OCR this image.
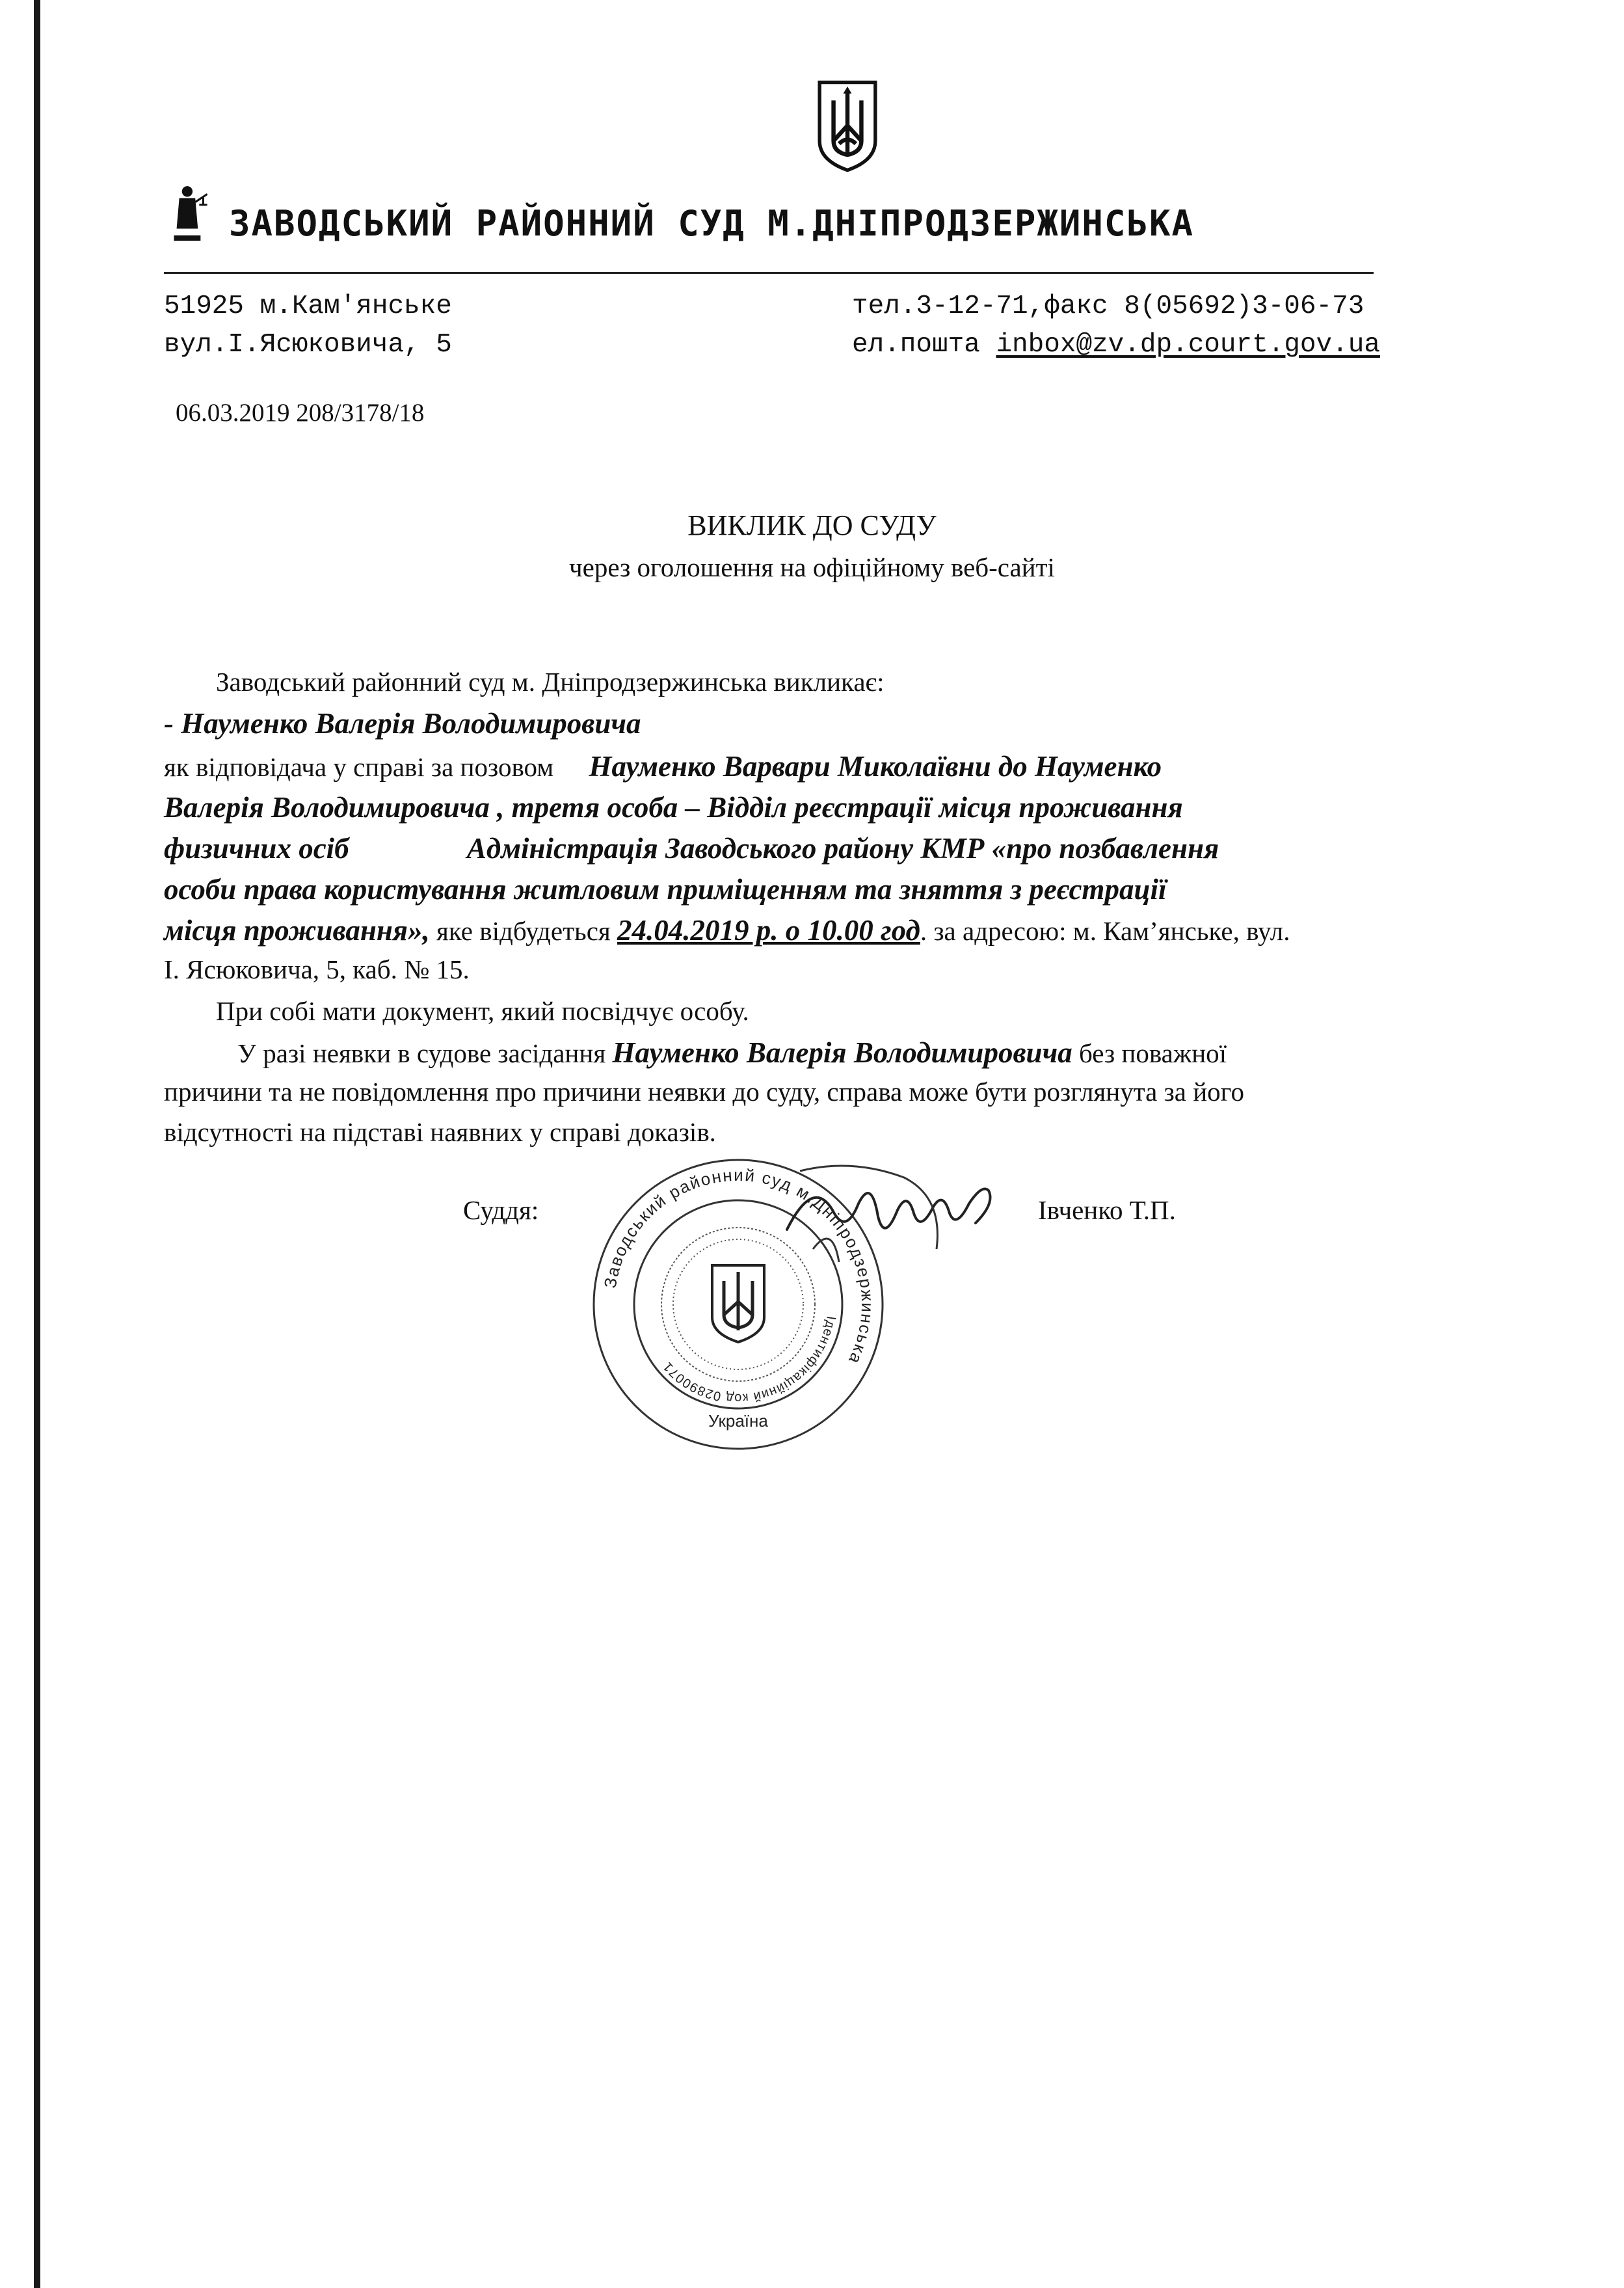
ЗАВОДСЬКИЙ РАЙОННИЙ СУД М.ДНІПРОДЗЕРЖИНСЬКА
51925 м.Кам'янське
вул.І.Ясюковича, 5
тел.3-12-71,факс 8(05692)3-06-73
ел.пошта inbox@zv.dp.court.gov.ua
06.03.2019 208/3178/18
ВИКЛИК ДО СУДУ
через оголошення на офіційному веб-сайті
Заводський районний суд м. Дніпродзержинська викликає:
- Науменко Валерія Володимировича
як відповідача у справі за позовом Науменко Варвари Миколаївни до Науменко
Валерія Володимировича , третя особа – Відділ реєстрації місця проживання
физичних осіб	Адміністрація Заводського району КМР «про позбавлення
особи права користування житловим приміщенням та зняття з реєстрації
місця проживання», яке відбудеться 24.04.2019 р. о 10.00 год. за адресою: м. Кам’янське, вул.
І. Ясюковича, 5, каб. № 15.
При собі мати документ, який посвідчує особу.
У разі неявки в судове засідання Науменко Валерія Володимировича без поважної
причини та не повідомлення про причини неявки до суду, справа може бути розглянута за його
відсутності на підставі наявних у справі доказів.
Суддя:	Івченко Т.П.
Заводський районний суд м.Дніпродзержинська
Ідентифікаційний код 02890071
Україна
